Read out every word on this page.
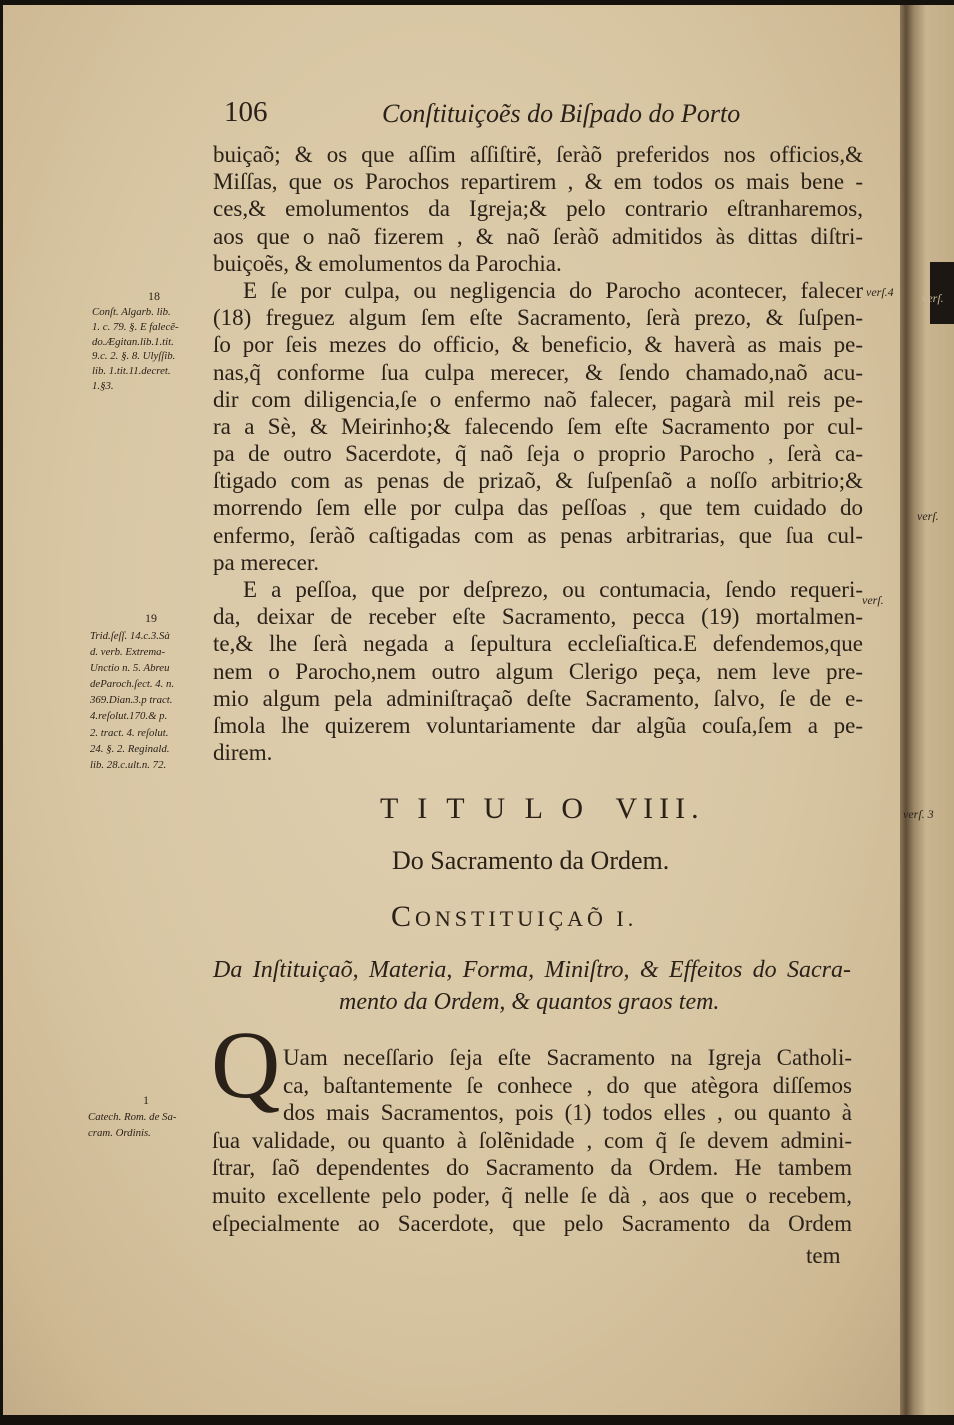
106	Conſtituiçoẽs do Biſpado do Porto
buiçaõ; & os que aſſim aſſiſtirẽ, ſeràõ preferidos nos officios,&
Miſſas, que os Parochos repartirem , & em todos os mais bene -
ces,& emolumentos da Igreja;& pelo contrario eſtranharemos,
aos que o naõ fizerem , & naõ ſeràõ admitidos às dittas diſtri-
buiçoẽs, & emolumentos da Parochia.
E ſe por culpa, ou negligencia do Parocho acontecer, falecer
(18) freguez algum ſem eſte Sacramento, ſerà prezo, & ſuſpen-
ſo por ſeis mezes do officio, & beneficio, & haverà as mais pe-
nas,q̃ conforme ſua culpa merecer, & ſendo chamado,naõ acu-
dir com diligencia,ſe o enfermo naõ falecer, pagarà mil reis pe-
ra a Sè, & Meirinho;& falecendo ſem eſte Sacramento por cul-
pa de outro Sacerdote, q̃ naõ ſeja o proprio Parocho , ſerà ca-
ſtigado com as penas de prizaõ, & ſuſpenſaõ a noſſo arbitrio;&
morrendo ſem elle por culpa das peſſoas , que tem cuidado do
enfermo, ſeràõ caſtigadas com as penas arbitrarias, que ſua cul-
pa merecer.
E a peſſoa, que por deſprezo, ou contumacia, ſendo requeri-
da, deixar de receber eſte Sacramento, pecca (19) mortalmen-
te,& lhe ſerà negada a ſepultura eccleſiaſtica.E defendemos,que
nem o Parocho,nem outro algum Clerigo peça, nem leve pre-
mio algum pela adminiſtraçaõ deſte Sacramento, ſalvo, ſe de e-
ſmola lhe quizerem voluntariamente dar algũa couſa,ſem a pe-
direm.
T I T U L O  VIII.
Do Sacramento da Ordem.
CONSTITUIÇAÕ I.
Da Inſtituiçaõ, Materia, Forma, Miniſtro, & Effeitos do Sacra-
mento da Ordem, & quantos graos tem.
Q Uam neceſſario ſeja eſte Sacramento na Igreja Catholi-
ca, baſtantemente ſe conhece , do que atègora diſſemos
dos mais Sacramentos, pois (1) todos elles , ou quanto à
ſua validade, ou quanto à ſolẽnidade , com q̃ ſe devem admini-
ſtrar, ſaõ dependentes do Sacramento da Ordem. He tambem
muito excellente pelo poder, q̃ nelle ſe dà , aos que o recebem,
eſpecialmente ao Sacerdote, que pelo Sacramento da Ordem
tem
18
Conſt. Algarb. lib.
1. c. 79. §. E falecẽ-
do.Ægitan.lib.1.tit.
9.c. 2. §. 8. Ulyſſib.
lib. 1.tit.11.decret.
1.§3.
19
Trid.ſeſſ. 14.c.3.Sà
d. verb. Extrema-
Unctio n. 5. Abreu
deParoch.ſect. 4. n.
369.Dian.3.p tract.
4.reſolut.170.& p.
2. tract. 4. reſolut.
24. §. 2. Reginald.
lib. 28.c.ult.n. 72.
1
Catech. Rom. de Sa-
cram. Ordinis.
verſ.4 verſ.
verſ.
verſ.
verſ. 3
